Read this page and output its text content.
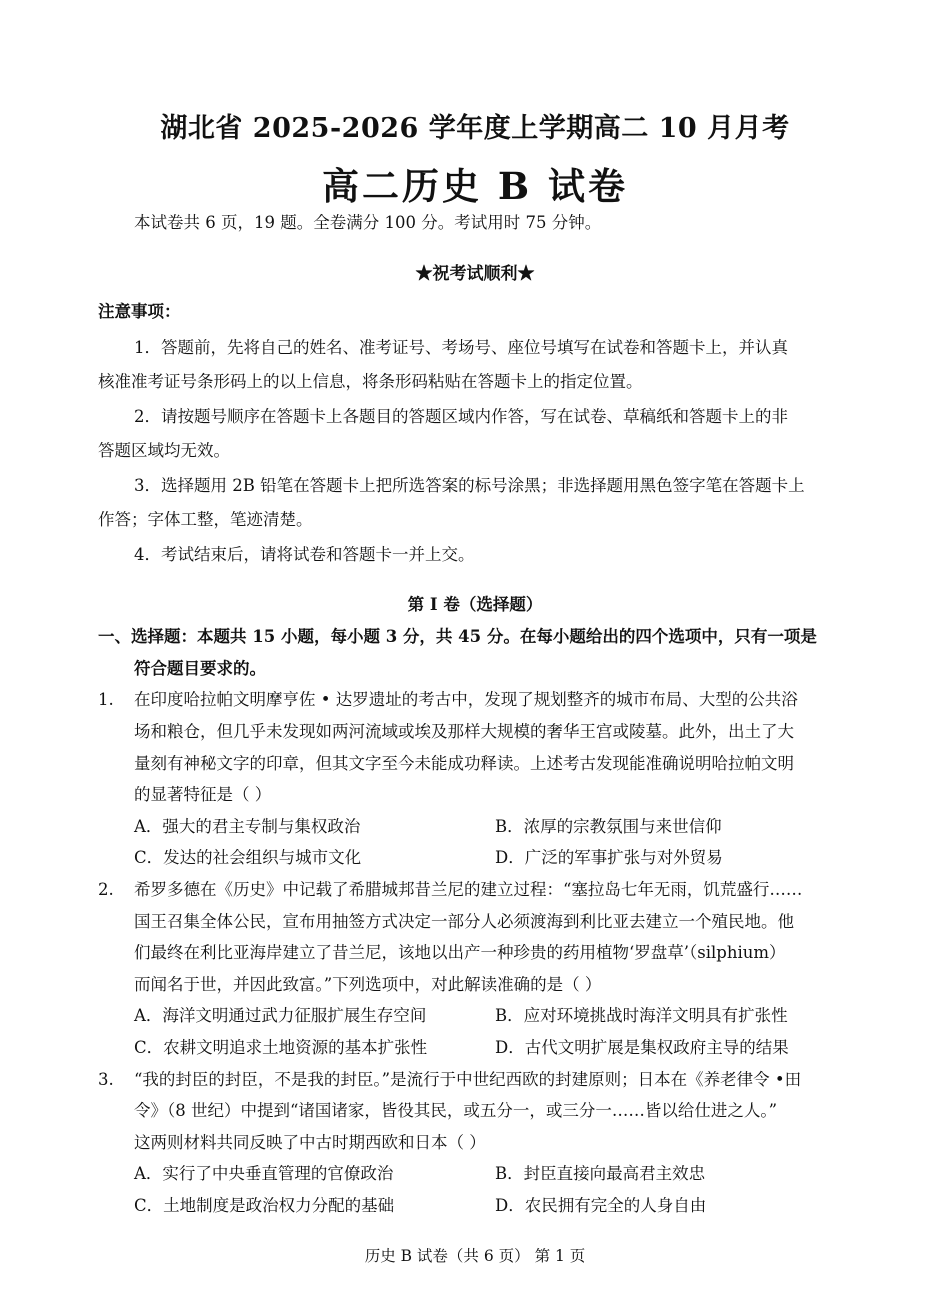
湖北省 2025-2026 学年度上学期高二 10 月月考
高二历史 B 试卷
本试卷共 6 页，19 题。全卷满分 100 分。考试用时 75 分钟。
★祝考试顺利★
注意事项：
1．答题前，先将自己的姓名、准考证号、考场号、座位号填写在试卷和答题卡上，并认真
核准准考证号条形码上的以上信息，将条形码粘贴在答题卡上的指定位置。
2．请按题号顺序在答题卡上各题目的答题区域内作答，写在试卷、草稿纸和答题卡上的非
答题区域均无效。
3．选择题用 2B 铅笔在答题卡上把所选答案的标号涂黑；非选择题用黑色签字笔在答题卡上
作答；字体工整，笔迹清楚。
4．考试结束后，请将试卷和答题卡一并上交。
第 I 卷（选择题）
一、选择题：本题共 15 小题，每小题 3 分，共 45 分。在每小题给出的四个选项中，只有一项是
符合题目要求的。
1. 在印度哈拉帕文明摩亨佐 • 达罗遗址的考古中，发现了规划整齐的城市布局、大型的公共浴
场和粮仓，但几乎未发现如两河流域或埃及那样大规模的奢华王宫或陵墓。此外，出土了大
量刻有神秘文字的印章，但其文字至今未能成功释读。上述考古发现能准确说明哈拉帕文明
的显著特征是（ ）
A．强大的君主专制与集权政治	B．浓厚的宗教氛围与来世信仰
C．发达的社会组织与城市文化	D．广泛的军事扩张与对外贸易
2. 希罗多德在《历史》中记载了希腊城邦昔兰尼的建立过程：“塞拉岛七年无雨，饥荒盛行……
国王召集全体公民，宣布用抽签方式决定一部分人必须渡海到利比亚去建立一个殖民地。他
们最终在利比亚海岸建立了昔兰尼，该地以出产一种珍贵的药用植物‘罗盘草’（silphium）
而闻名于世，并因此致富。”下列选项中，对此解读准确的是（ ）
A．海洋文明通过武力征服扩展生存空间	B．应对环境挑战时海洋文明具有扩张性
C．农耕文明追求土地资源的基本扩张性	D．古代文明扩展是集权政府主导的结果
3. “我的封臣的封臣，不是我的封臣。”是流行于中世纪西欧的封建原则；日本在《养老律令 •田
令》（8 世纪）中提到“诸国诸家，皆役其民，或五分一，或三分一……皆以给仕进之人。”
这两则材料共同反映了中古时期西欧和日本（ ）
A．实行了中央垂直管理的官僚政治	B．封臣直接向最高君主效忠
C．土地制度是政治权力分配的基础	D．农民拥有完全的人身自由
历史 B 试卷（共 6 页） 第 1 页
